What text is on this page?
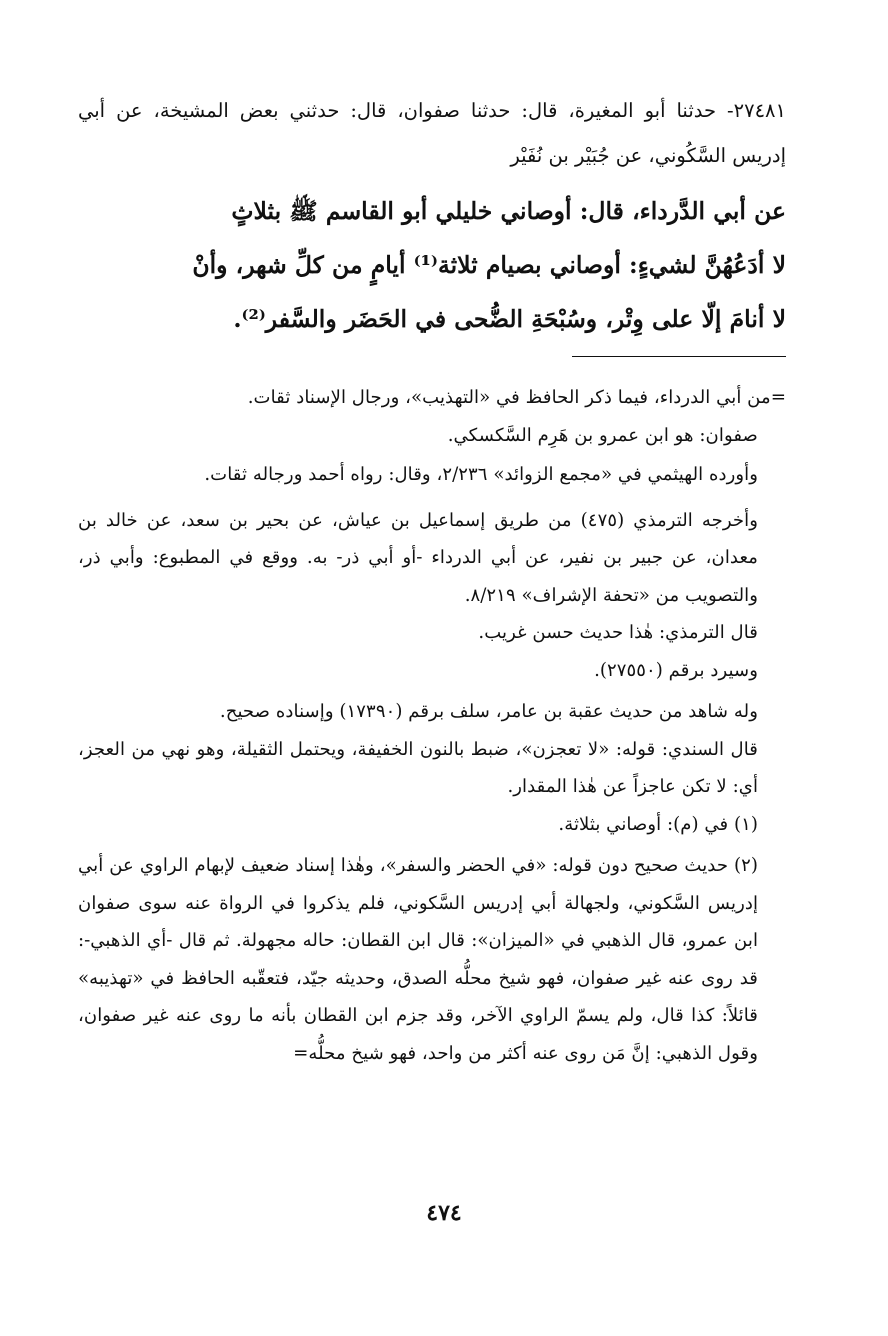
٢٧٤٨١- حدثنا أبو المغيرة، قال: حدثنا صفوان، قال: حدثني بعض المشيخة، عن أبي إدريس السَّكُوني، عن جُبَيْر بن نُفَيْر

عن أبي الدَّرداء، قال: أوصاني خليلي أبو القاسم ﷺ بثلاثٍ

لا أدَعُهُنَّ لشيءٍ: أوصاني بصيام ثلاثة⁽¹⁾ أيامٍ من كلِّ شهر، وأنْ

لا أنامَ إلّا على وِتْر، وسُبْحَةِ الضُّحى في الحَضَر والسَّفر⁽²⁾.

=من أبي الدرداء، فيما ذكر الحافظ في «التهذيب»، ورجال الإسناد ثقات.

صفوان: هو ابن عمرو بن هَرِم السَّكسكي.

وأورده الهيثمي في «مجمع الزوائد» ٢/٢٣٦، وقال: رواه أحمد ورجاله ثقات.

وأخرجه الترمذي (٤٧٥) من طريق إسماعيل بن عياش، عن بحير بن سعد، عن خالد بن معدان، عن جبير بن نفير، عن أبي الدرداء -أو أبي ذر- به. ووقع في المطبوع: وأبي ذر، والتصويب من «تحفة الإشراف» ٨/٢١٩.

قال الترمذي: هٰذا حديث حسن غريب.

وسيرد برقم (٢٧٥٥٠).

وله شاهد من حديث عقبة بن عامر، سلف برقم (١٧٣٩٠) وإسناده صحيح.

قال السندي: قوله: «لا تعجزن»، ضبط بالنون الخفيفة، ويحتمل الثقيلة، وهو نهي من العجز، أي: لا تكن عاجزاً عن هٰذا المقدار.

(١) في (م): أوصاني بثلاثة.

(٢) حديث صحيح دون قوله: «في الحضر والسفر»، وهٰذا إسناد ضعيف لإبهام الراوي عن أبي إدريس السَّكوني، ولجهالة أبي إدريس السَّكوني، فلم يذكروا في الرواة عنه سوى صفوان ابن عمرو، قال الذهبي في «الميزان»: قال ابن القطان: حاله مجهولة. ثم قال -أي الذهبي-: قد روى عنه غير صفوان، فهو شيخ محلُّه الصدق، وحديثه جيّد، فتعقّبه الحافظ في «تهذيبه» قائلاً: كذا قال، ولم يسمّ الراوي الآخر، وقد جزم ابن القطان بأنه ما روى عنه غير صفوان، وقول الذهبي: إنَّ مَن روى عنه أكثر من واحد، فهو شيخ محلُّه=

٤٧٤
